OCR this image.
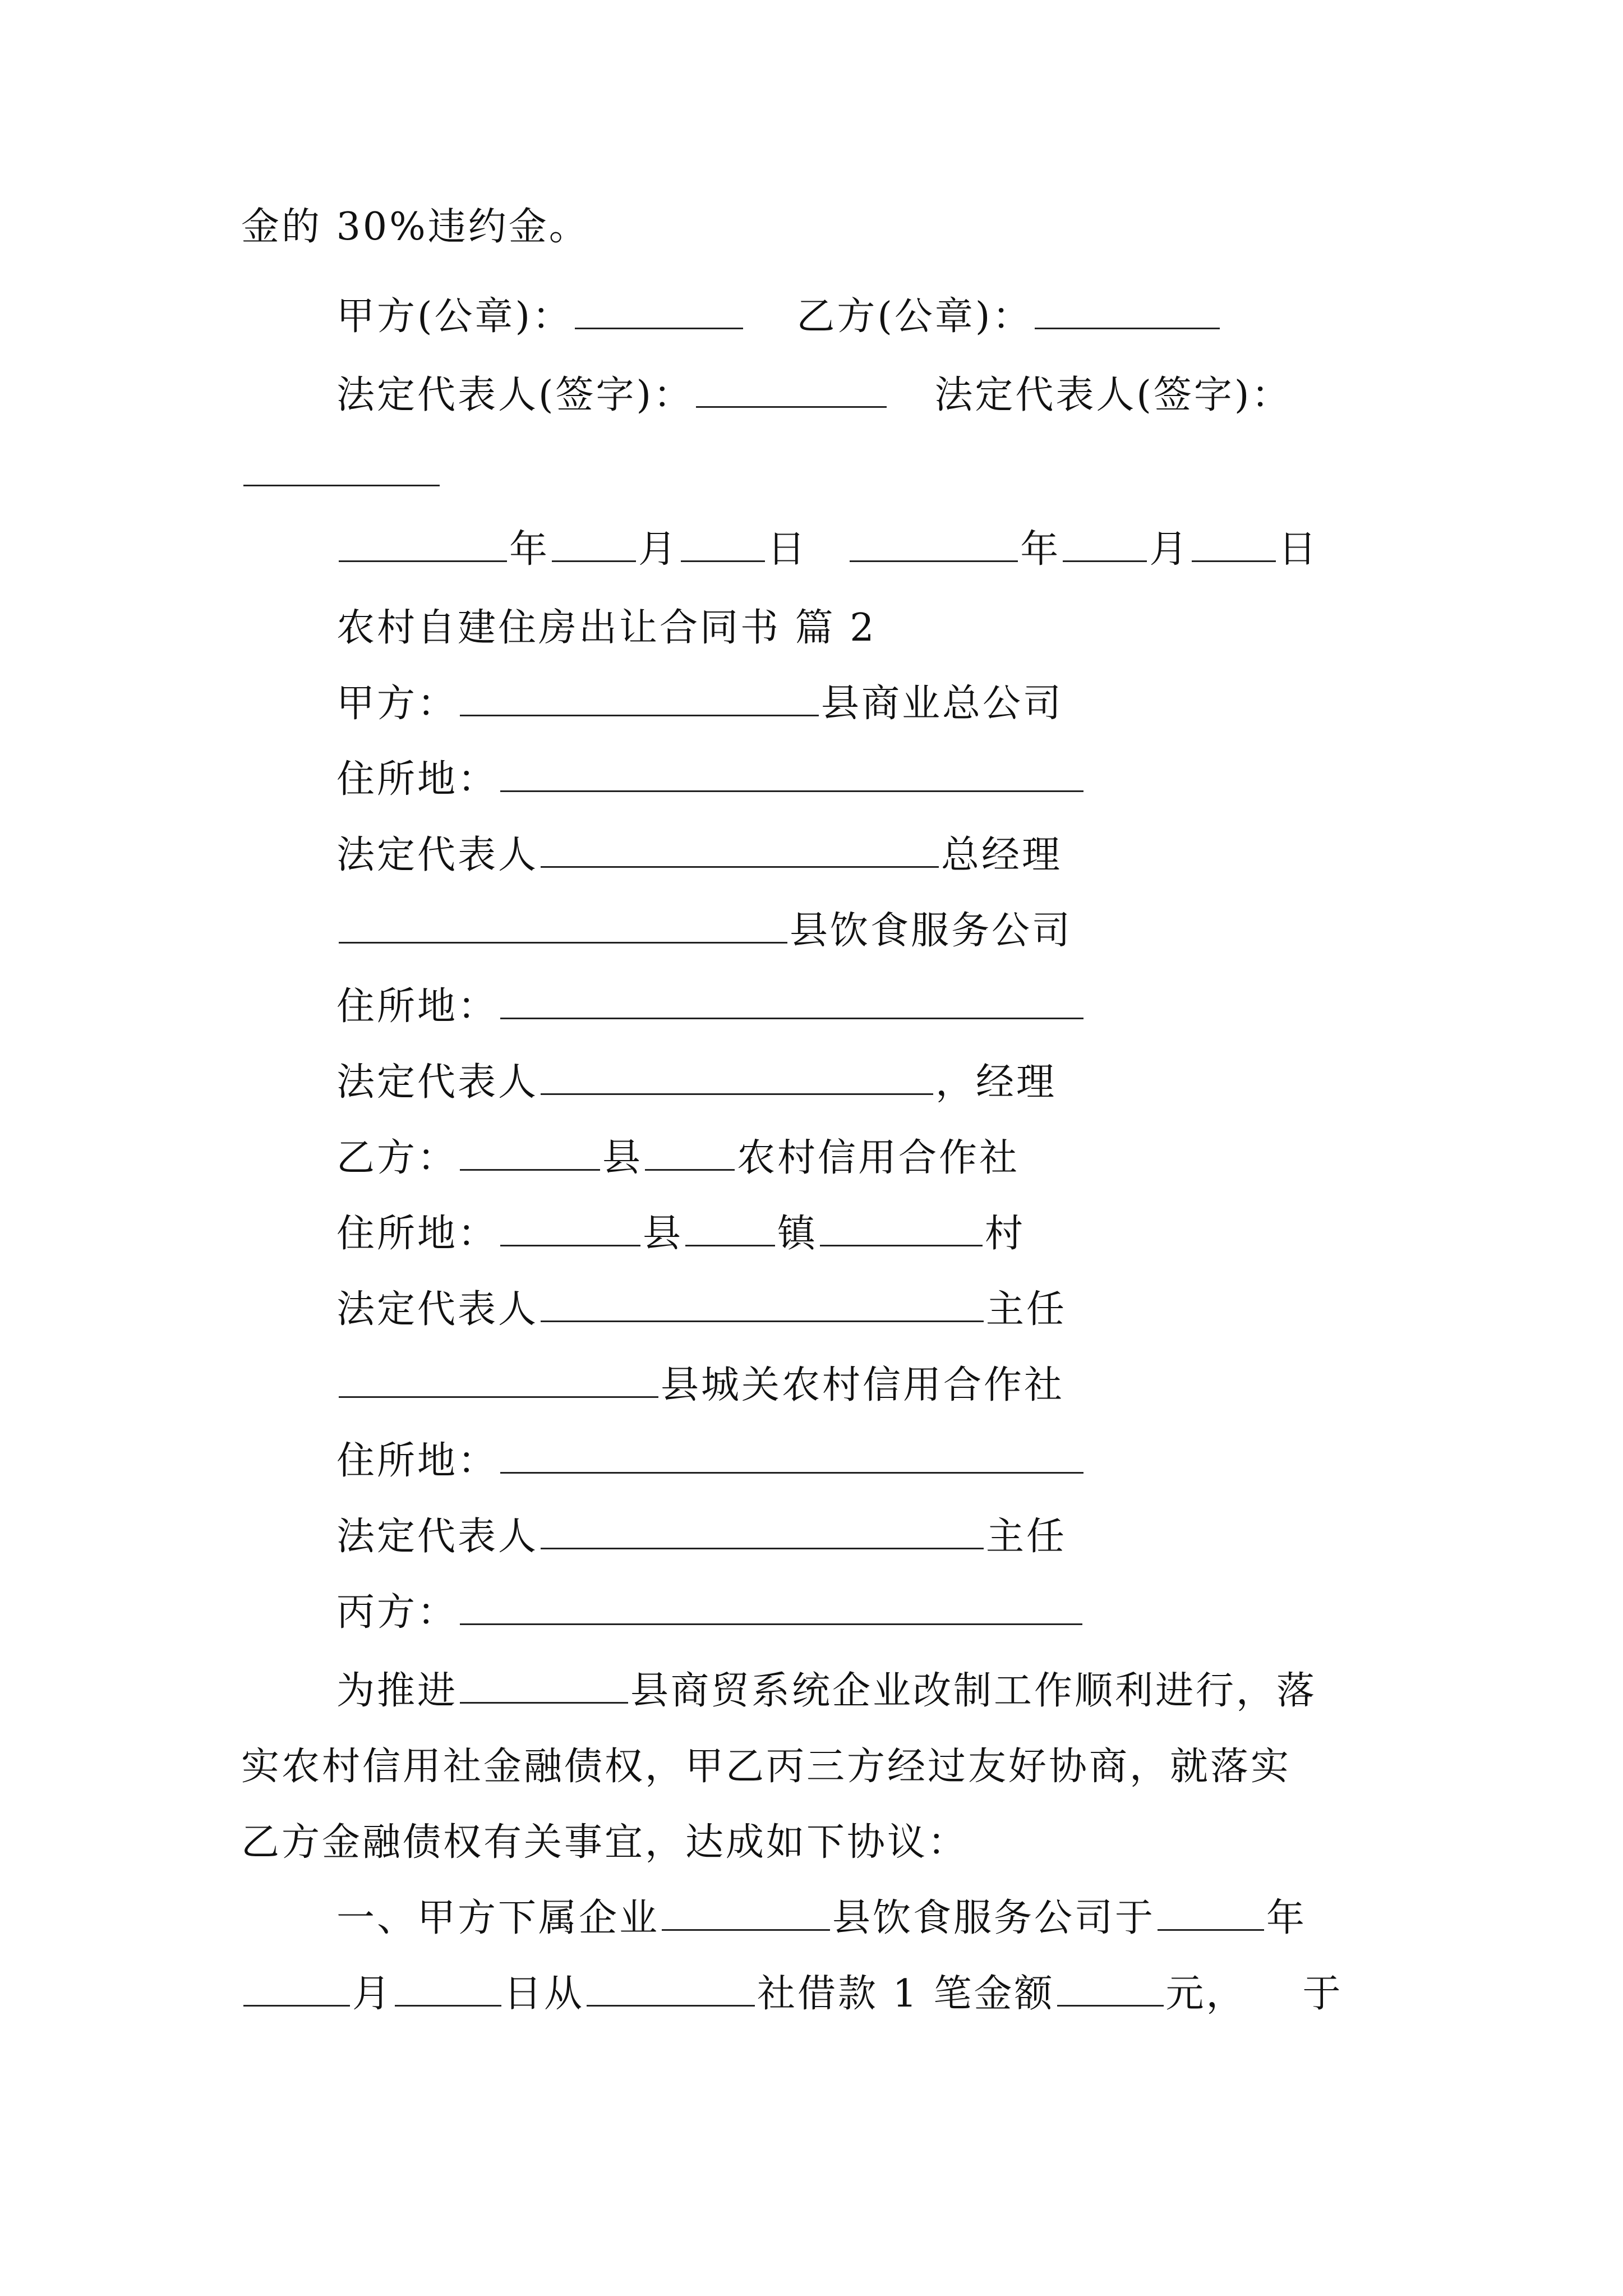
金的 30%违约金。
甲方(公章)：	乙方(公章)：
法定代表人(签字)：	法定代表人(签字)：
年 月 日	年 月 日
农村自建住房出让合同书 篇 2
甲方：	县商业总公司
住所地：
法定代表人	总经理
县饮食服务公司
住所地：
法定代表人	，经理
乙方：	县 农村信用合作社
住所地：	县 镇	村
法定代表人	主任
县城关农村信用合作社
住所地：
法定代表人	主任
丙方：
为推进	县商贸系统企业改制工作顺利进行，落
实农村信用社金融债权，甲乙丙三方经过友好协商，就落实
乙方金融债权有关事宜，达成如下协议：
一、甲方下属企业	县饮食服务公司于	年
月	日从	社借款 1 笔金额	元， 于
